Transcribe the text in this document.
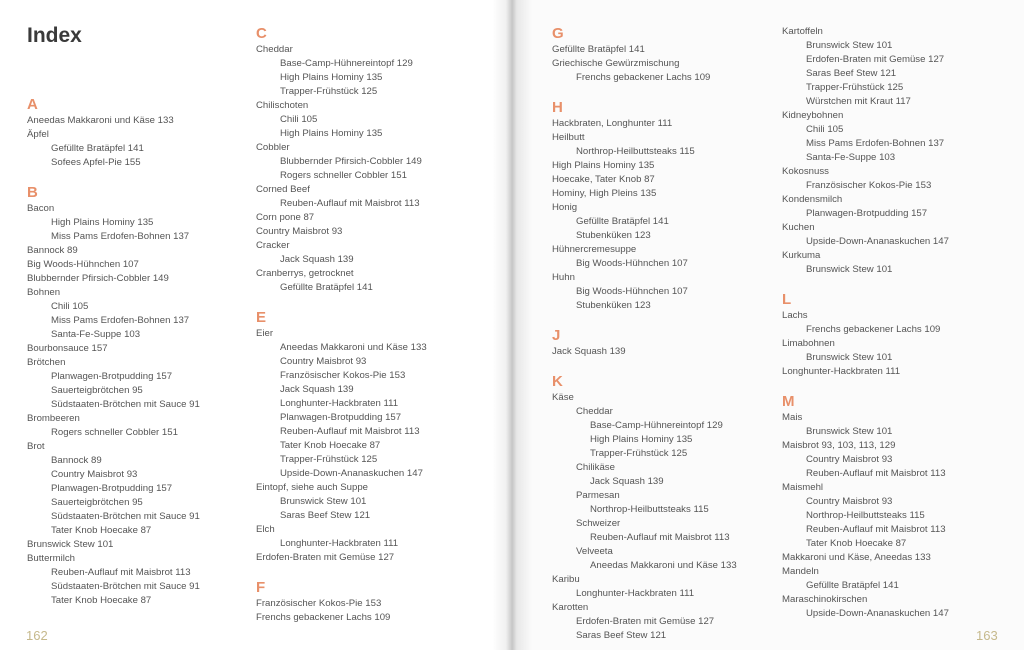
Index
A
Aneedas Makkaroni und Käse 133
Äpfel
Gefüllte Bratäpfel 141
Sofees Apfel-Pie 155
B
Bacon
High Plains Hominy 135
Miss Pams Erdofen-Bohnen 137
Bannock 89
Big Woods-Hühnchen 107
Blubbernder Pfirsich-Cobbler 149
Bohnen
Chili 105
Miss Pams Erdofen-Bohnen 137
Santa-Fe-Suppe 103
Bourbonsauce 157
Brötchen
Planwagen-Brotpudding 157
Sauerteigbrötchen 95
Südstaaten-Brötchen mit Sauce 91
Brombeeren
Rogers schneller Cobbler 151
Brot
Bannock 89
Country Maisbrot 93
Planwagen-Brotpudding 157
Sauerteigbrötchen 95
Südstaaten-Brötchen mit Sauce 91
Tater Knob Hoecake 87
Brunswick Stew 101
Buttermilch
Reuben-Auflauf mit Maisbrot 113
Südstaaten-Brötchen mit Sauce 91
Tater Knob Hoecake 87
C
Cheddar
Base-Camp-Hühnereintopf 129
High Plains Hominy 135
Trapper-Frühstück 125
Chilischoten
Chili 105
High Plains Hominy 135
Cobbler
Blubbernder Pfirsich-Cobbler 149
Rogers schneller Cobbler 151
Corned Beef
Reuben-Auflauf mit Maisbrot 113
Corn pone 87
Country Maisbrot 93
Cracker
Jack Squash 139
Cranberrys, getrocknet
Gefüllte Bratäpfel 141
E
Eier
Aneedas Makkaroni und Käse 133
Country Maisbrot 93
Französischer Kokos-Pie 153
Jack Squash 139
Longhunter-Hackbraten 111
Planwagen-Brotpudding 157
Reuben-Auflauf mit Maisbrot 113
Tater Knob Hoecake 87
Trapper-Frühstück 125
Upside-Down-Ananaskuchen 147
Eintopf, siehe auch Suppe
Brunswick Stew 101
Saras Beef Stew 121
Elch
Longhunter-Hackbraten 111
Erdofen-Braten mit Gemüse 127
F
Französischer Kokos-Pie 153
Frenchs gebackener Lachs 109
162
G
Gefüllte Bratäpfel 141
Griechische Gewürzmischung
Frenchs gebackener Lachs 109
H
Hackbraten, Longhunter 111
Heilbutt
Northrop-Heilbuttsteaks 115
High Plains Hominy 135
Hoecake, Tater Knob 87
Hominy, High Pleins 135
Honig
Gefüllte Bratäpfel 141
Stubenküken 123
Hühnercremesuppe
Big Woods-Hühnchen 107
Huhn
Big Woods-Hühnchen 107
Stubenküken 123
J
Jack Squash 139
K
Käse
Cheddar
Base-Camp-Hühnereintopf 129
High Plains Hominy 135
Trapper-Frühstück 125
Chilikäse
Jack Squash 139
Parmesan
Northrop-Heilbuttsteaks 115
Schweizer
Reuben-Auflauf mit Maisbrot 113
Velveeta
Aneedas Makkaroni und Käse 133
Karibu
Longhunter-Hackbraten 111
Karotten
Erdofen-Braten mit Gemüse 127
Saras Beef Stew 121
Kartoffeln
Brunswick Stew 101
Erdofen-Braten mit Gemüse 127
Saras Beef Stew 121
Trapper-Frühstück 125
Würstchen mit Kraut 117
Kidneybohnen
Chili 105
Miss Pams Erdofen-Bohnen 137
Santa-Fe-Suppe 103
Kokosnuss
Französischer Kokos-Pie 153
Kondensmilch
Planwagen-Brotpudding 157
Kuchen
Upside-Down-Ananaskuchen 147
Kurkuma
Brunswick Stew 101
L
Lachs
Frenchs gebackener Lachs 109
Limabohnen
Brunswick Stew 101
Longhunter-Hackbraten 111
M
Mais
Brunswick Stew 101
Maisbrot 93, 103, 113, 129
Country Maisbrot 93
Reuben-Auflauf mit Maisbrot 113
Maismehl
Country Maisbrot 93
Northrop-Heilbuttsteaks 115
Reuben-Auflauf mit Maisbrot 113
Tater Knob Hoecake 87
Makkaroni und Käse, Aneedas 133
Mandeln
Gefüllte Bratäpfel 141
Maraschinokirschen
Upside-Down-Ananaskuchen 147
163
